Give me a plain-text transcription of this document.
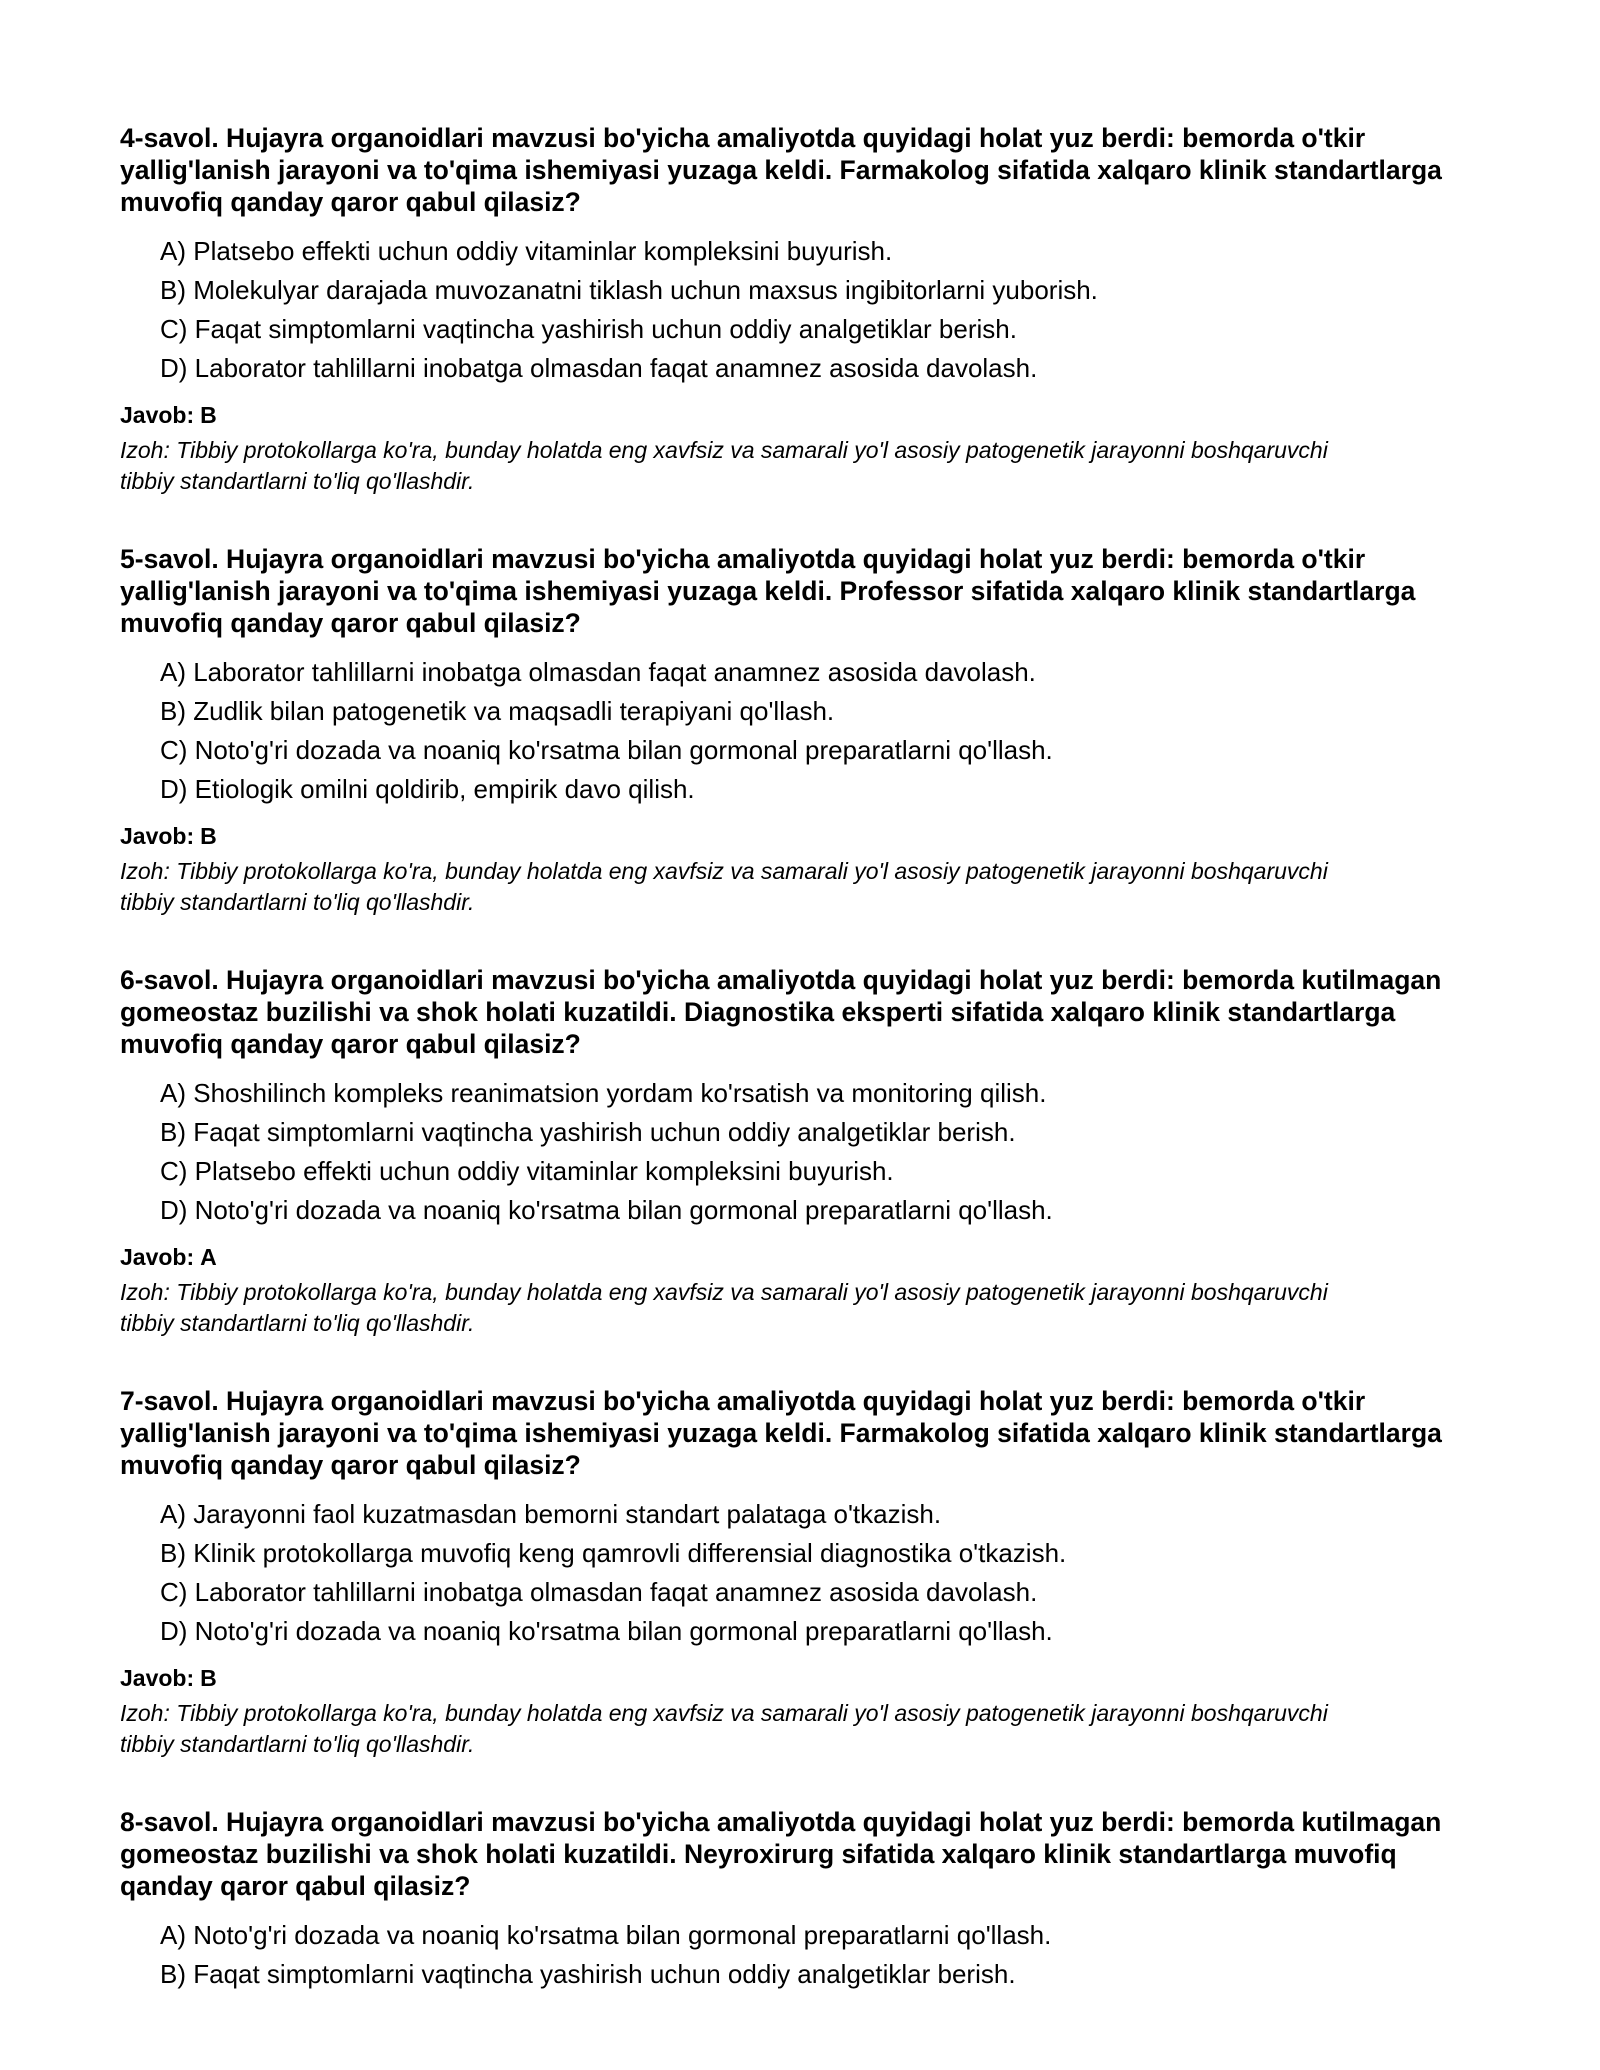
4-savol. Hujayra organoidlari mavzusi bo'yicha amaliyotda quyidagi holat yuz berdi: bemorda o'tkir yallig'lanish jarayoni va to'qima ishemiyasi yuzaga keldi. Farmakolog sifatida xalqaro klinik standartlarga muvofiq qanday qaror qabul qilasiz?

A) Platsebo effekti uchun oddiy vitaminlar kompleksini buyurish.
B) Molekulyar darajada muvozanatni tiklash uchun maxsus ingibitorlarni yuborish.
C) Faqat simptomlarni vaqtincha yashirish uchun oddiy analgetiklar berish.
D) Laborator tahlillarni inobatga olmasdan faqat anamnez asosida davolash.
Javob: B
Izoh: Tibbiy protokollarga ko'ra, bunday holatda eng xavfsiz va samarali yo'l asosiy patogenetik jarayonni boshqaruvchi tibbiy standartlarni to'liq qo'llashdir.

5-savol. Hujayra organoidlari mavzusi bo'yicha amaliyotda quyidagi holat yuz berdi: bemorda o'tkir yallig'lanish jarayoni va to'qima ishemiyasi yuzaga keldi. Professor sifatida xalqaro klinik standartlarga muvofiq qanday qaror qabul qilasiz?

A) Laborator tahlillarni inobatga olmasdan faqat anamnez asosida davolash.
B) Zudlik bilan patogenetik va maqsadli terapiyani qo'llash.
C) Noto'g'ri dozada va noaniq ko'rsatma bilan gormonal preparatlarni qo'llash.
D) Etiologik omilni qoldirib, empirik davo qilish.
Javob: B
Izoh: Tibbiy protokollarga ko'ra, bunday holatda eng xavfsiz va samarali yo'l asosiy patogenetik jarayonni boshqaruvchi tibbiy standartlarni to'liq qo'llashdir.

6-savol. Hujayra organoidlari mavzusi bo'yicha amaliyotda quyidagi holat yuz berdi: bemorda kutilmagan gomeostaz buzilishi va shok holati kuzatildi. Diagnostika eksperti sifatida xalqaro klinik standartlarga muvofiq qanday qaror qabul qilasiz?

A) Shoshilinch kompleks reanimatsion yordam ko'rsatish va monitoring qilish.
B) Faqat simptomlarni vaqtincha yashirish uchun oddiy analgetiklar berish.
C) Platsebo effekti uchun oddiy vitaminlar kompleksini buyurish.
D) Noto'g'ri dozada va noaniq ko'rsatma bilan gormonal preparatlarni qo'llash.
Javob: A
Izoh: Tibbiy protokollarga ko'ra, bunday holatda eng xavfsiz va samarali yo'l asosiy patogenetik jarayonni boshqaruvchi tibbiy standartlarni to'liq qo'llashdir.

7-savol. Hujayra organoidlari mavzusi bo'yicha amaliyotda quyidagi holat yuz berdi: bemorda o'tkir yallig'lanish jarayoni va to'qima ishemiyasi yuzaga keldi. Farmakolog sifatida xalqaro klinik standartlarga muvofiq qanday qaror qabul qilasiz?

A) Jarayonni faol kuzatmasdan bemorni standart palataga o'tkazish.
B) Klinik protokollarga muvofiq keng qamrovli differensial diagnostika o'tkazish.
C) Laborator tahlillarni inobatga olmasdan faqat anamnez asosida davolash.
D) Noto'g'ri dozada va noaniq ko'rsatma bilan gormonal preparatlarni qo'llash.
Javob: B
Izoh: Tibbiy protokollarga ko'ra, bunday holatda eng xavfsiz va samarali yo'l asosiy patogenetik jarayonni boshqaruvchi tibbiy standartlarni to'liq qo'llashdir.

8-savol. Hujayra organoidlari mavzusi bo'yicha amaliyotda quyidagi holat yuz berdi: bemorda kutilmagan gomeostaz buzilishi va shok holati kuzatildi. Neyroxirurg sifatida xalqaro klinik standartlarga muvofiq qanday qaror qabul qilasiz?

A) Noto'g'ri dozada va noaniq ko'rsatma bilan gormonal preparatlarni qo'llash.
B) Faqat simptomlarni vaqtincha yashirish uchun oddiy analgetiklar berish.
